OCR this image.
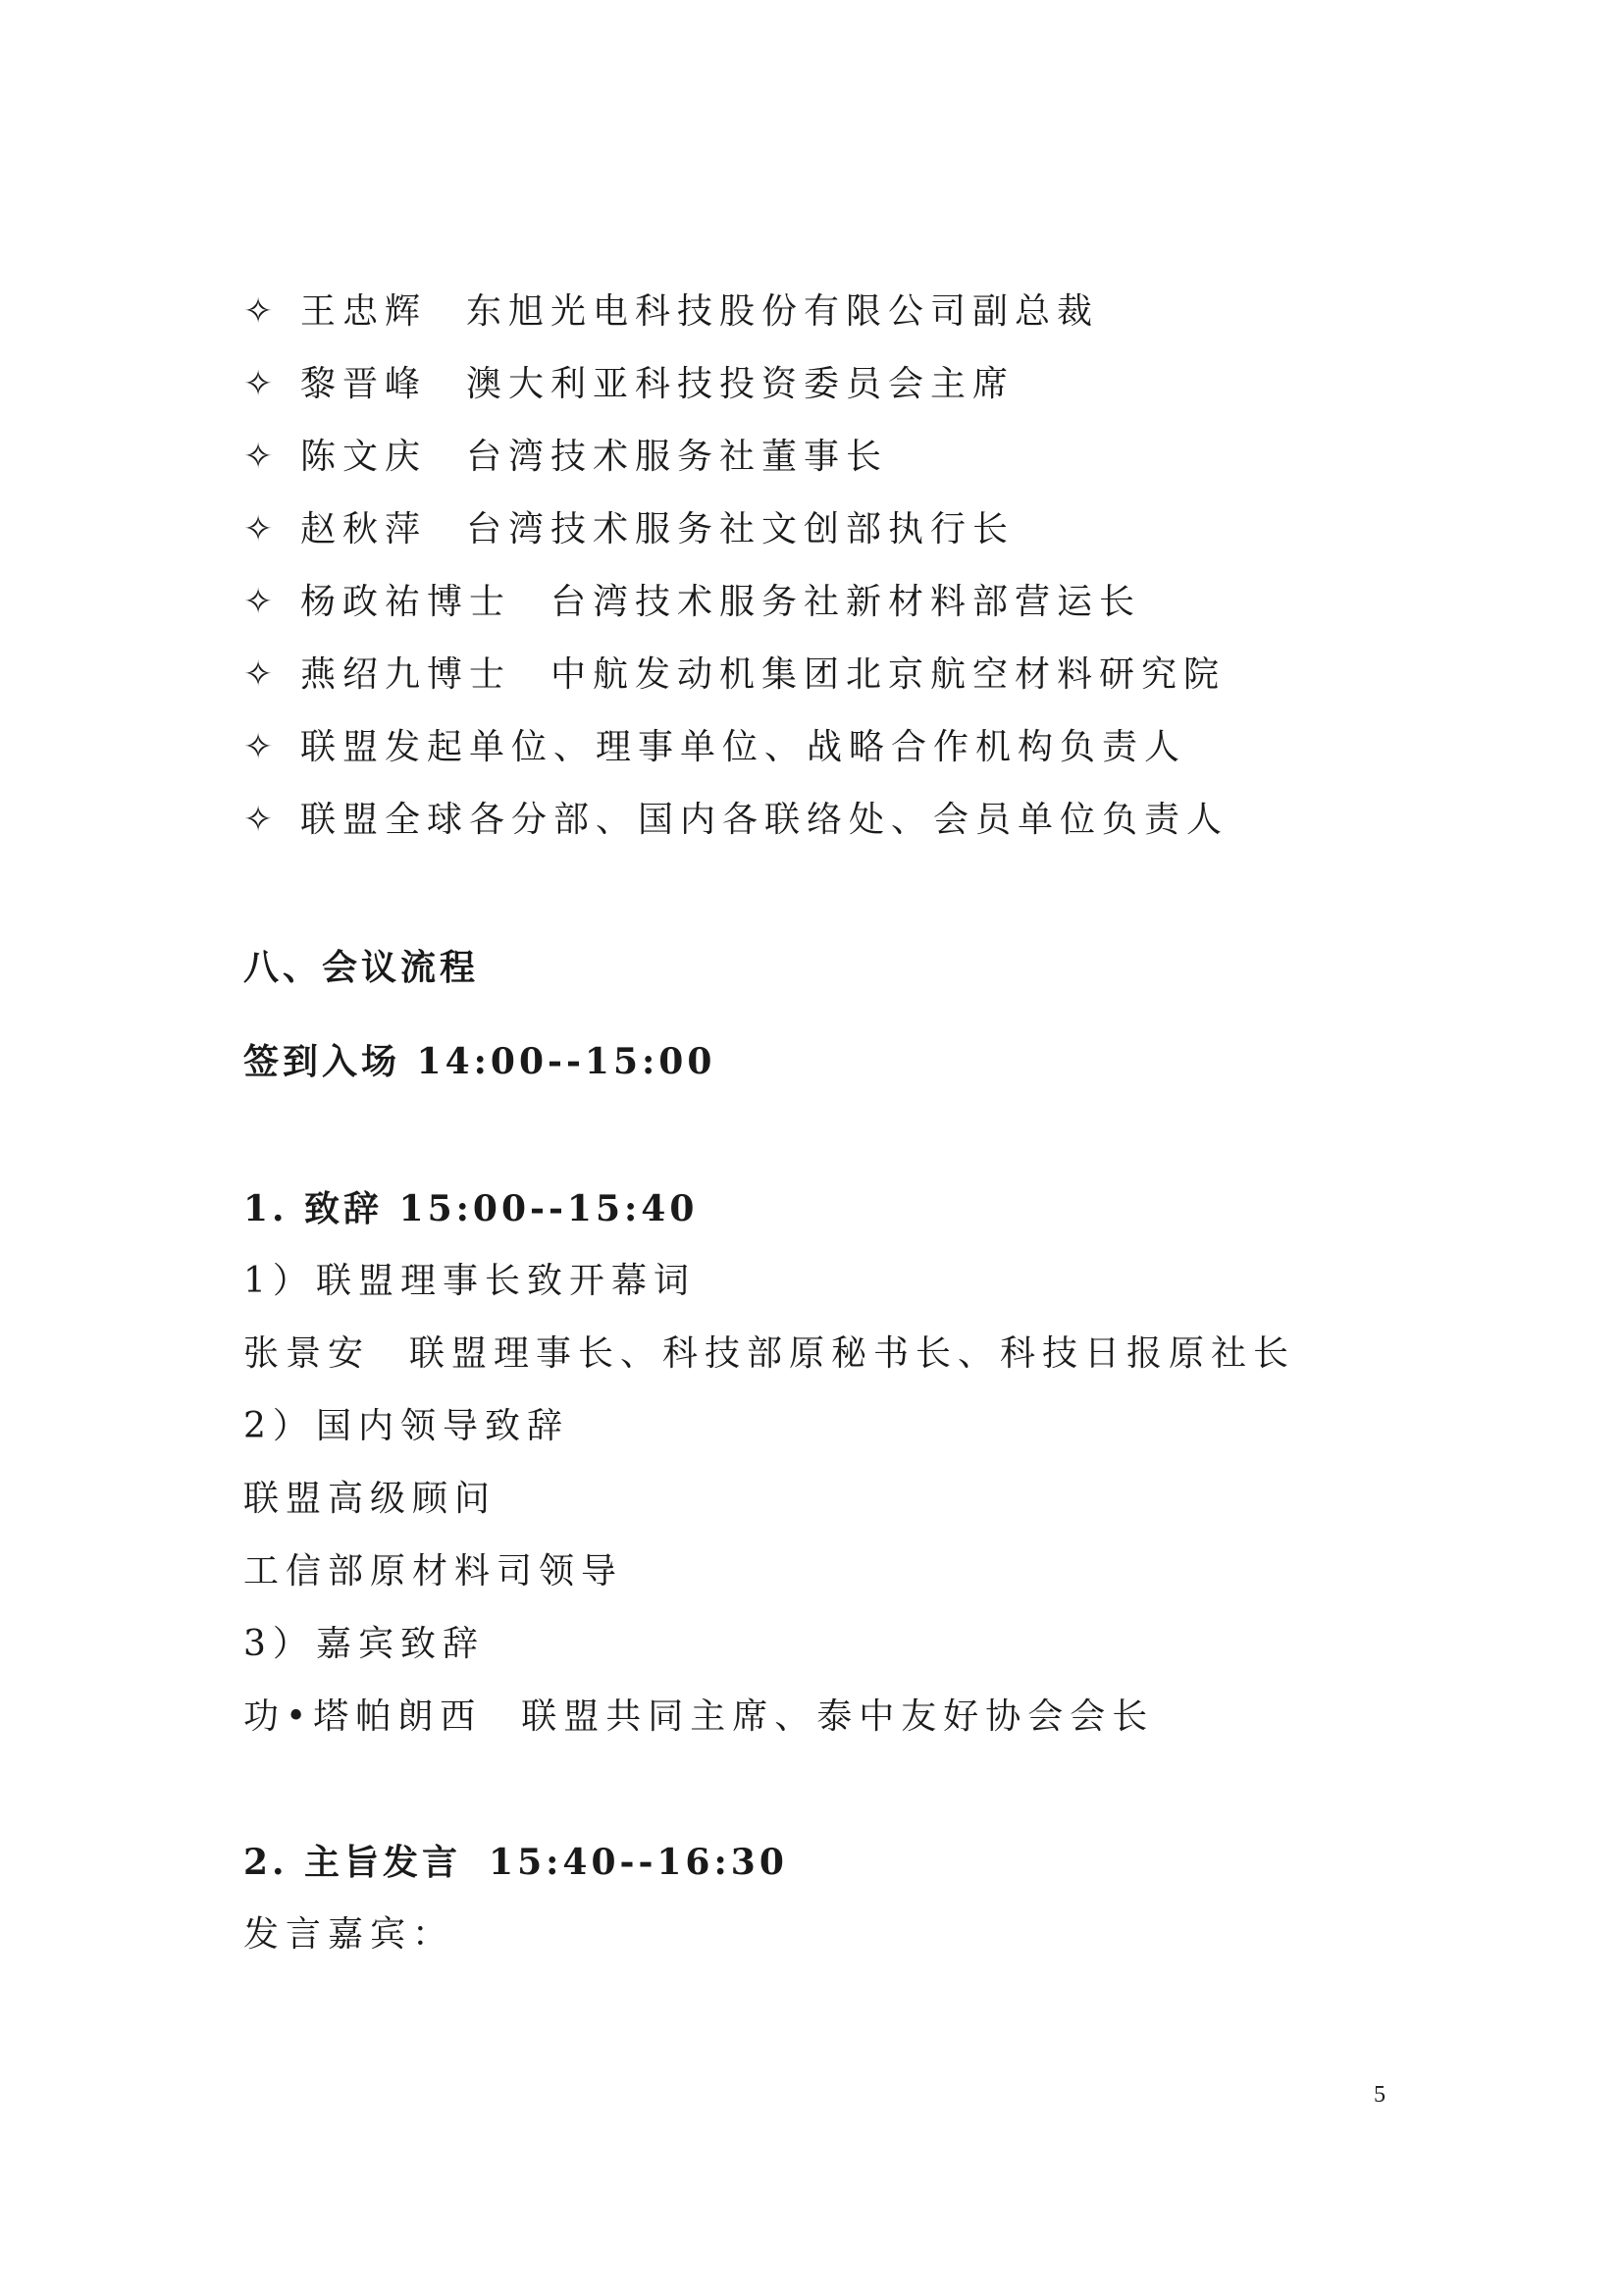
✧ 王忠辉 东旭光电科技股份有限公司副总裁
✧ 黎晋峰 澳大利亚科技投资委员会主席
✧ 陈文庆 台湾技术服务社董事长
✧ 赵秋萍 台湾技术服务社文创部执行长
✧ 杨政祐博士 台湾技术服务社新材料部营运长
✧ 燕绍九博士 中航发动机集团北京航空材料研究院
✧ 联盟发起单位、理事单位、战略合作机构负责人
✧ 联盟全球各分部、国内各联络处、会员单位负责人
八、会议流程
签到入场 14:00--15:00
1. 致辞 15:00--15:40
1）联盟理事长致开幕词
张景安 联盟理事长、科技部原秘书长、科技日报原社长
2）国内领导致辞
联盟高级顾问
工信部原材料司领导
3）嘉宾致辞
功•塔帕朗西 联盟共同主席、泰中友好协会会长
2. 主旨发言 15:40--16:30
发言嘉宾：
5
